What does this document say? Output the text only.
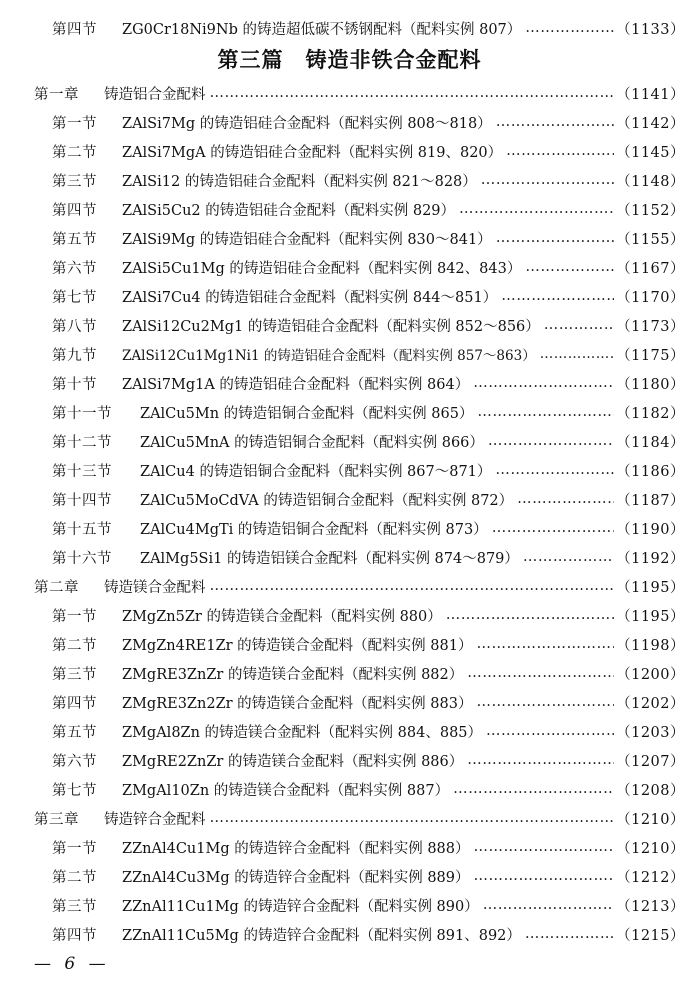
第四节	ZG0Cr18Ni9Nb 的铸造超低碳不锈钢配料（配料实例 807） …………………………………………………………………………………………………………………………………………………………………………………………………………	（1133）
第三篇 铸造非铁合金配料
第一章	铸造铝合金配料 …………………………………………………………………………………………………………………………………………………………………………………………………………	（1141）
第一节	ZAlSi7Mg 的铸造铝硅合金配料（配料实例 808～818） …………………………………………………………………………………………………………………………………………………………………………………………………………	（1142）
第二节	ZAlSi7MgA 的铸造铝硅合金配料（配料实例 819、820） …………………………………………………………………………………………………………………………………………………………………………………………………………	（1145）
第三节	ZAlSi12 的铸造铝硅合金配料（配料实例 821～828） …………………………………………………………………………………………………………………………………………………………………………………………………………	（1148）
第四节	ZAlSi5Cu2 的铸造铝硅合金配料（配料实例 829） …………………………………………………………………………………………………………………………………………………………………………………………………………	（1152）
第五节	ZAlSi9Mg 的铸造铝硅合金配料（配料实例 830～841） …………………………………………………………………………………………………………………………………………………………………………………………………………	（1155）
第六节	ZAlSi5Cu1Mg 的铸造铝硅合金配料（配料实例 842、843） …………………………………………………………………………………………………………………………………………………………………………………………………………	（1167）
第七节	ZAlSi7Cu4 的铸造铝硅合金配料（配料实例 844～851） …………………………………………………………………………………………………………………………………………………………………………………………………………	（1170）
第八节	ZAlSi12Cu2Mg1 的铸造铝硅合金配料（配料实例 852～856） …………………………………………………………………………………………………………………………………………………………………………………………………………	（1173）
第九节	ZAlSi12Cu1Mg1Ni1 的铸造铝硅合金配料（配料实例 857～863） …………………………………………………………………………………………………………………………………………………………………………………………………………	（1175）
第十节	ZAlSi7Mg1A 的铸造铝硅合金配料（配料实例 864） …………………………………………………………………………………………………………………………………………………………………………………………………………	（1180）
第十一节	ZAlCu5Mn 的铸造铝铜合金配料（配料实例 865） …………………………………………………………………………………………………………………………………………………………………………………………………………	（1182）
第十二节	ZAlCu5MnA 的铸造铝铜合金配料（配料实例 866） …………………………………………………………………………………………………………………………………………………………………………………………………………	（1184）
第十三节	ZAlCu4 的铸造铝铜合金配料（配料实例 867～871） …………………………………………………………………………………………………………………………………………………………………………………………………………	（1186）
第十四节	ZAlCu5MoCdVA 的铸造铝铜合金配料（配料实例 872） …………………………………………………………………………………………………………………………………………………………………………………………………………	（1187）
第十五节	ZAlCu4MgTi 的铸造铝铜合金配料（配料实例 873） …………………………………………………………………………………………………………………………………………………………………………………………………………	（1190）
第十六节	ZAlMg5Si1 的铸造铝镁合金配料（配料实例 874～879） …………………………………………………………………………………………………………………………………………………………………………………………………………	（1192）
第二章	铸造镁合金配料 …………………………………………………………………………………………………………………………………………………………………………………………………………	（1195）
第一节	ZMgZn5Zr 的铸造镁合金配料（配料实例 880） …………………………………………………………………………………………………………………………………………………………………………………………………………	（1195）
第二节	ZMgZn4RE1Zr 的铸造镁合金配料（配料实例 881） …………………………………………………………………………………………………………………………………………………………………………………………………………	（1198）
第三节	ZMgRE3ZnZr 的铸造镁合金配料（配料实例 882） …………………………………………………………………………………………………………………………………………………………………………………………………………	（1200）
第四节	ZMgRE3Zn2Zr 的铸造镁合金配料（配料实例 883） …………………………………………………………………………………………………………………………………………………………………………………………………………	（1202）
第五节	ZMgAl8Zn 的铸造镁合金配料（配料实例 884、885） …………………………………………………………………………………………………………………………………………………………………………………………………………	（1203）
第六节	ZMgRE2ZnZr 的铸造镁合金配料（配料实例 886） …………………………………………………………………………………………………………………………………………………………………………………………………………	（1207）
第七节	ZMgAl10Zn 的铸造镁合金配料（配料实例 887） …………………………………………………………………………………………………………………………………………………………………………………………………………	（1208）
第三章	铸造锌合金配料 …………………………………………………………………………………………………………………………………………………………………………………………………………	（1210）
第一节	ZZnAl4Cu1Mg 的铸造锌合金配料（配料实例 888） …………………………………………………………………………………………………………………………………………………………………………………………………………	（1210）
第二节	ZZnAl4Cu3Mg 的铸造锌合金配料（配料实例 889） …………………………………………………………………………………………………………………………………………………………………………………………………………	（1212）
第三节	ZZnAl11Cu1Mg 的铸造锌合金配料（配料实例 890） …………………………………………………………………………………………………………………………………………………………………………………………………………	（1213）
第四节	ZZnAl11Cu5Mg 的铸造锌合金配料（配料实例 891、892） …………………………………………………………………………………………………………………………………………………………………………………………………………	（1215）
— 6 —
